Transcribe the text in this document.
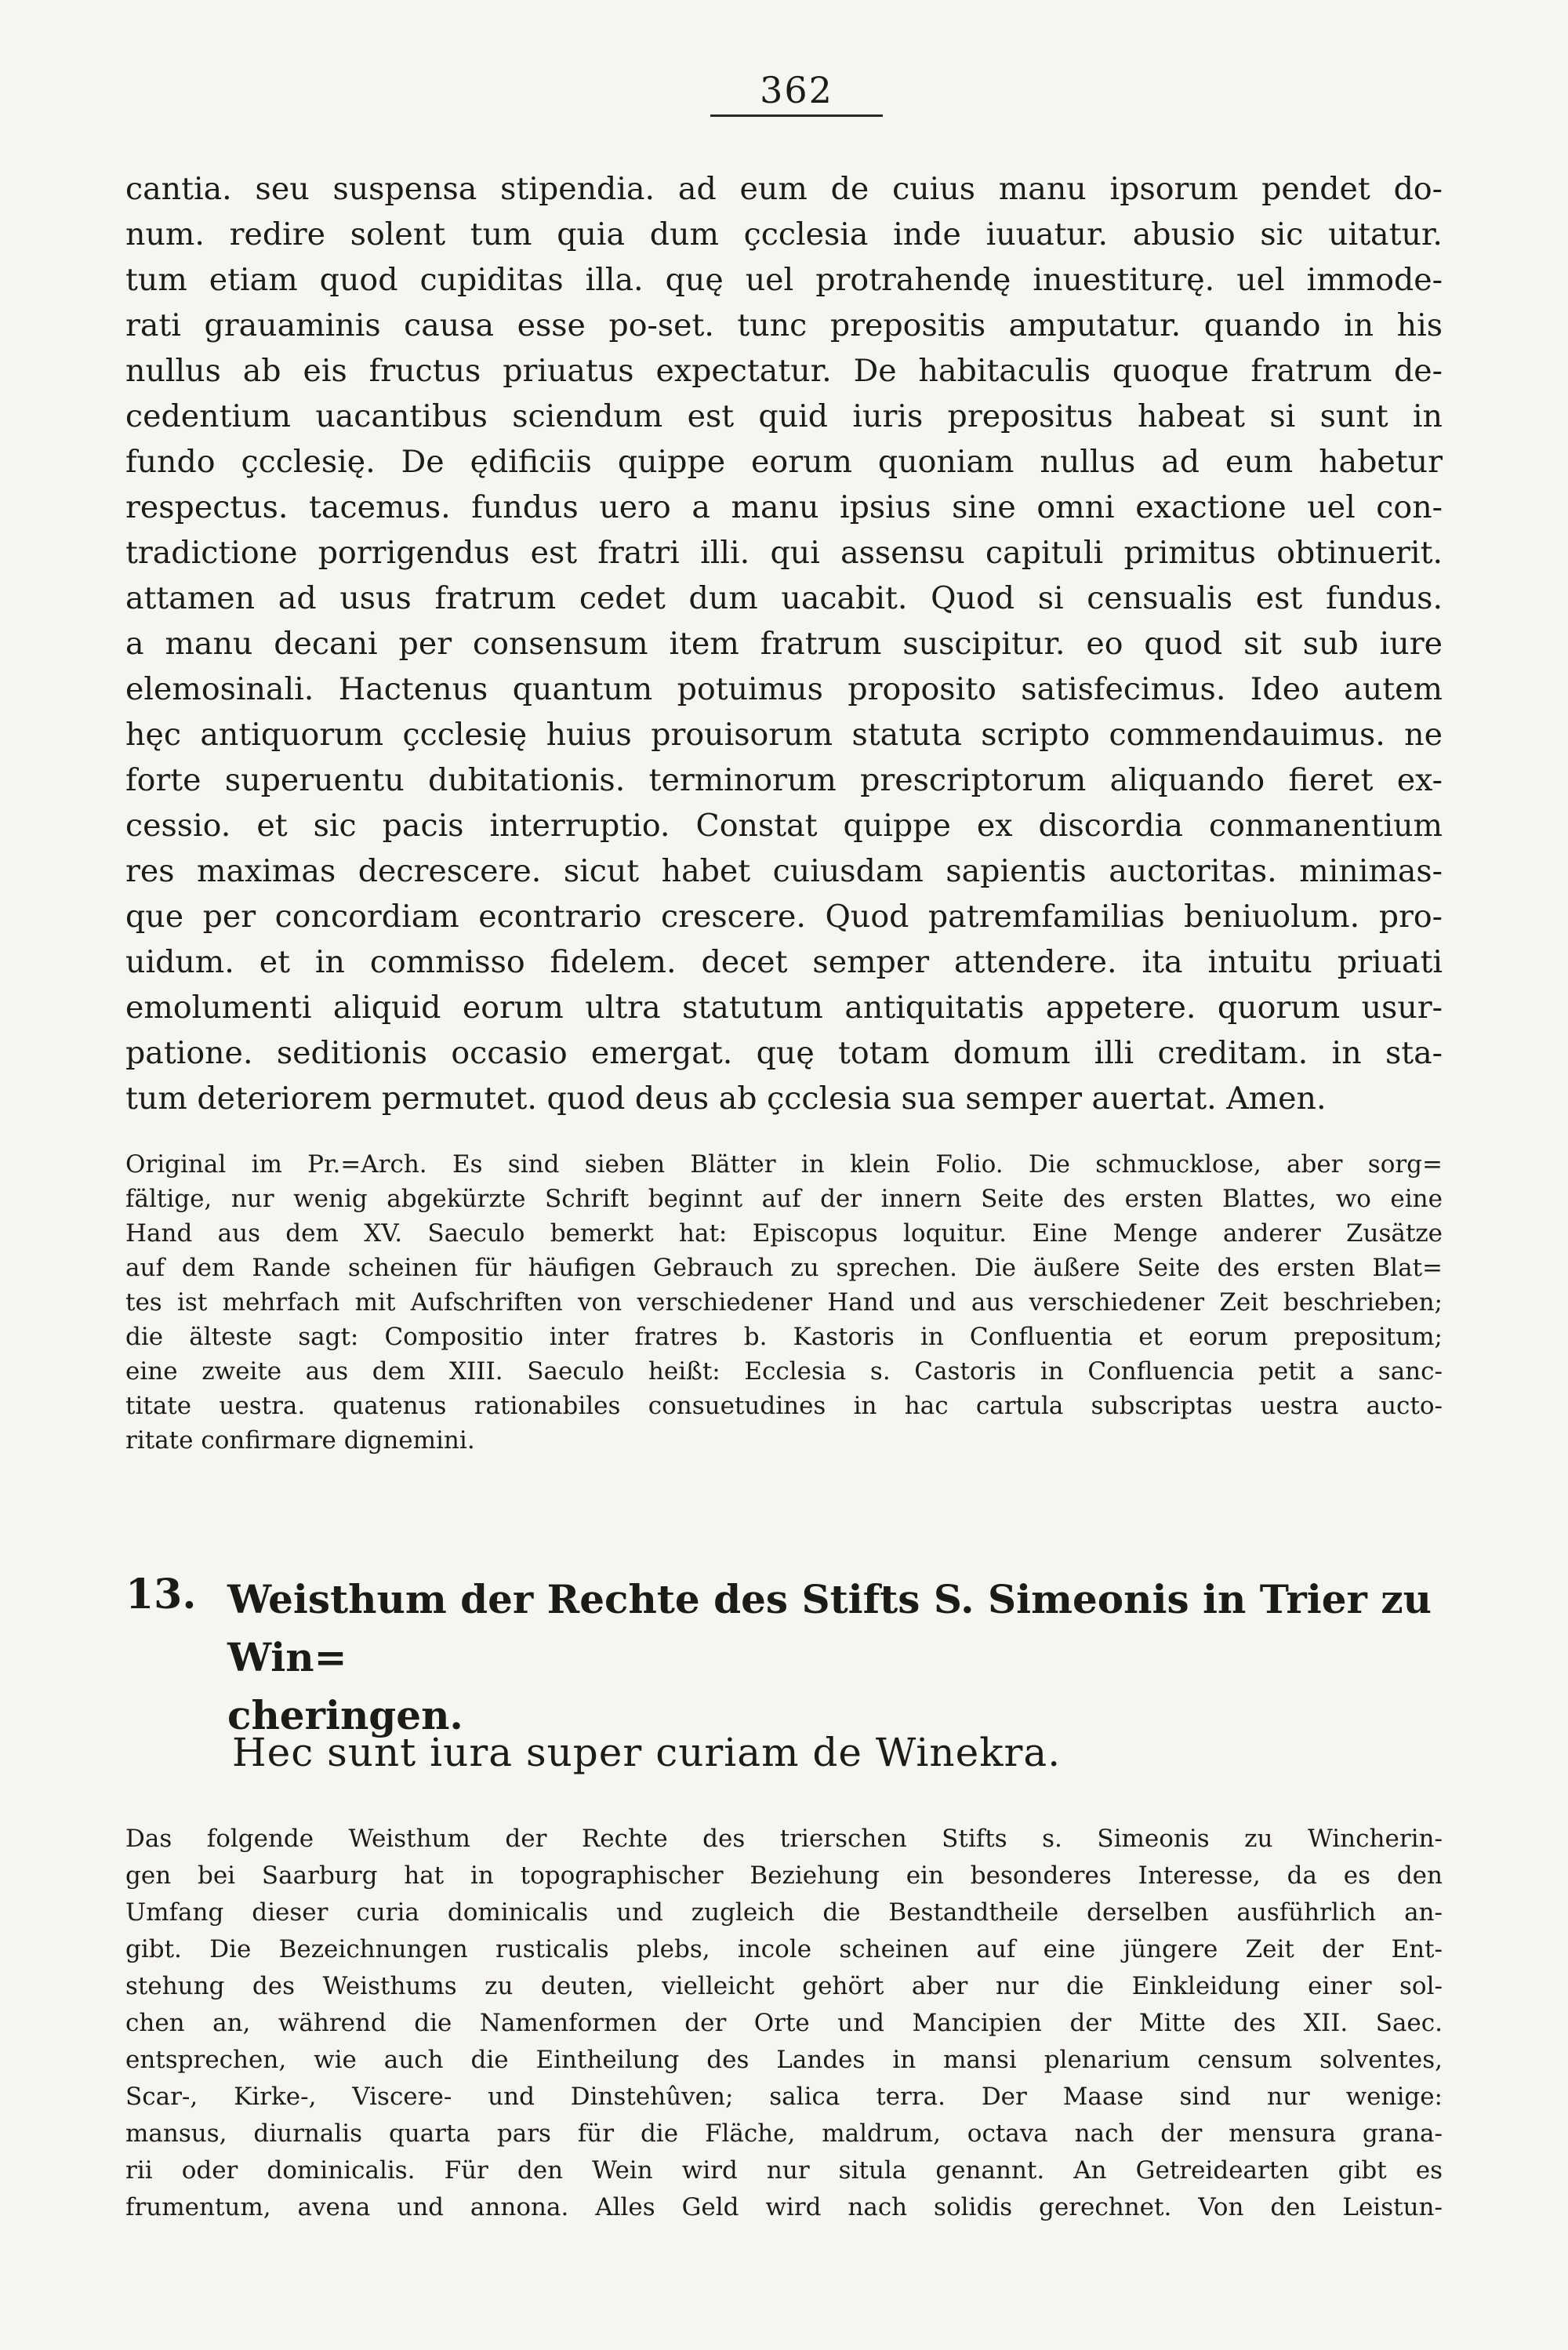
362
cantia. seu suspensa stipendia. ad eum de cuius manu ipsorum pendet do-
num. redire solent tum quia dum çcclesia inde iuuatur. abusio sic uitatur.
tum etiam quod cupiditas illa. quę uel protrahendę inuestiturę. uel immode-
rati grauaminis causa esse po-set. tunc prepositis amputatur. quando in his
nullus ab eis fructus priuatus expectatur. De habitaculis quoque fratrum de-
cedentium uacantibus sciendum est quid iuris prepositus habeat si sunt in
fundo çcclesię. De ędificiis quippe eorum quoniam nullus ad eum habetur
respectus. tacemus. fundus uero a manu ipsius sine omni exactione uel con-
tradictione porrigendus est fratri illi. qui assensu capituli primitus obtinuerit.
attamen ad usus fratrum cedet dum uacabit. Quod si censualis est fundus.
a manu decani per consensum item fratrum suscipitur. eo quod sit sub iure
elemosinali. Hactenus quantum potuimus proposito satisfecimus. Ideo autem
hęc antiquorum çcclesię huius prouisorum statuta scripto commendauimus. ne
forte superuentu dubitationis. terminorum prescriptorum aliquando fieret ex-
cessio. et sic pacis interruptio. Constat quippe ex discordia conmanentium
res maximas decrescere. sicut habet cuiusdam sapientis auctoritas. minimas-
que per concordiam econtrario crescere. Quod patremfamilias beniuolum. pro-
uidum. et in commisso fidelem. decet semper attendere. ita intuitu priuati
emolumenti aliquid eorum ultra statutum antiquitatis appetere. quorum usur-
patione. seditionis occasio emergat. quę totam domum illi creditam. in sta-
tum deteriorem permutet. quod deus ab çcclesia sua semper auertat. Amen.
Original im Pr.=Arch. Es sind sieben Blätter in klein Folio. Die schmucklose, aber sorg=
fältige, nur wenig abgekürzte Schrift beginnt auf der innern Seite des ersten Blattes, wo eine
Hand aus dem XV. Saeculo bemerkt hat: Episcopus loquitur. Eine Menge anderer Zusätze
auf dem Rande scheinen für häufigen Gebrauch zu sprechen. Die äußere Seite des ersten Blat=
tes ist mehrfach mit Aufschriften von verschiedener Hand und aus verschiedener Zeit beschrieben;
die älteste sagt: Compositio inter fratres b. Kastoris in Confluentia et eorum prepositum;
eine zweite aus dem XIII. Saeculo heißt: Ecclesia s. Castoris in Confluencia petit a sanc-
titate uestra. quatenus rationabiles consuetudines in hac cartula subscriptas uestra aucto-
ritate confirmare dignemini.
13. Weisthum der Rechte des Stifts S. Simeonis in Trier zu Win=
cheringen.
Hec sunt iura super curiam de Winekra.
Das folgende Weisthum der Rechte des trierschen Stifts s. Simeonis zu Wincherin-
gen bei Saarburg hat in topographischer Beziehung ein besonderes Interesse, da es den
Umfang dieser curia dominicalis und zugleich die Bestandtheile derselben ausführlich an-
gibt. Die Bezeichnungen rusticalis plebs, incole scheinen auf eine jüngere Zeit der Ent-
stehung des Weisthums zu deuten, vielleicht gehört aber nur die Einkleidung einer sol-
chen an, während die Namenformen der Orte und Mancipien der Mitte des XII. Saec.
entsprechen, wie auch die Eintheilung des Landes in mansi plenarium censum solventes,
Scar-, Kirke-, Viscere- und Dinstehûven; salica terra. Der Maase sind nur wenige:
mansus, diurnalis quarta pars für die Fläche, maldrum, octava nach der mensura grana-
rii oder dominicalis. Für den Wein wird nur situla genannt. An Getreidearten gibt es
frumentum, avena und annona. Alles Geld wird nach solidis gerechnet. Von den Leistun-
